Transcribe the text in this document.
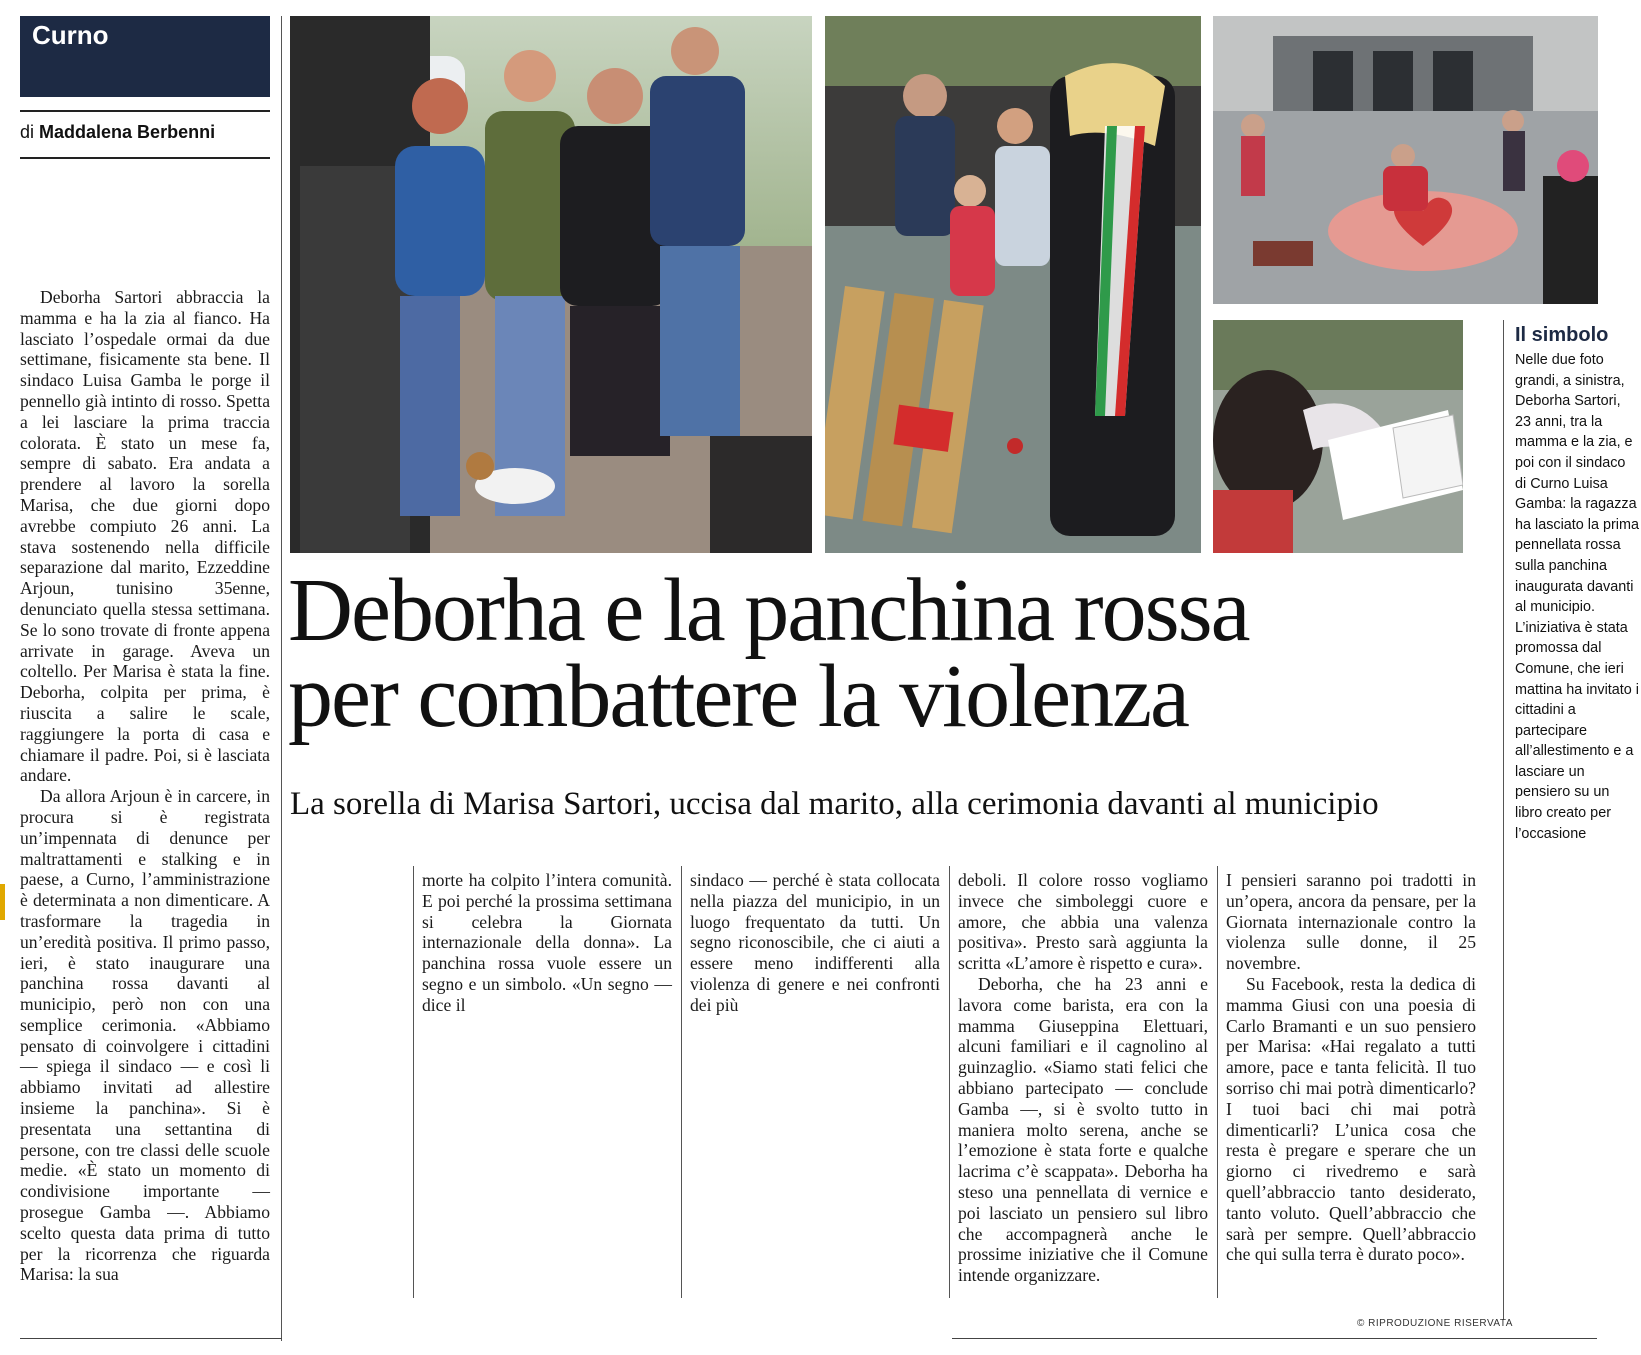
Curno
di Maddalena Berbenni

Deborha Sartori abbraccia la mamma e ha la zia al fianco. Ha lasciato l’ospedale ormai da due settimane, fisicamente sta bene. Il sindaco Luisa Gamba le porge il pennello già intinto di rosso. Spetta a lei lasciare la prima traccia colorata. È stato un mese fa, sempre di sabato. Era andata a prendere al lavoro la sorella Marisa, che due giorni dopo avrebbe compiuto 26 anni. La stava sostenendo nella difficile separazione dal marito, Ezzeddine Arjoun, tunisino 35enne, denunciato quella stessa settimana. Se lo sono trovate di fronte appena arrivate in garage. Aveva un coltello. Per Marisa è stata la fine. Deborha, colpita per prima, è riuscita a salire le scale, raggiungere la porta di casa e chiamare il padre. Poi, si è lasciata andare.

Da allora Arjoun è in carcere, in procura si è registrata un’impennata di denunce per maltrattamenti e stalking e in paese, a Curno, l’amministrazione è determinata a non dimenticare. A trasformare la tragedia in un’eredità positiva. Il primo passo, ieri, è stato inaugurare una panchina rossa davanti al municipio, però non con una semplice cerimonia. «Abbiamo pensato di coinvolgere i cittadini — spiega il sindaco — e così li abbiamo invitati ad allestire insieme la panchina». Si è presentata una settantina di persone, con tre classi delle scuole medie. «È stato un momento di condivisione importante — prosegue Gamba —. Abbiamo scelto questa data prima di tutto per la ricorrenza che riguarda Marisa: la sua

Deborha e la panchina rossa
per combattere la violenza
La sorella di Marisa Sartori, uccisa dal marito, alla cerimonia davanti al municipio
Il simbolo
Nelle due foto grandi, a sinistra, Deborha Sartori, 23 anni, tra la mamma e la zia, e poi con il sindaco di Curno Luisa Gamba: la ragazza ha lasciato la prima pennellata rossa sulla panchina inaugurata davanti al municipio. L’iniziativa è stata promossa dal Comune, che ieri mattina ha invitato i cittadini a partecipare all’allestimento e a lasciare un pensiero su un libro creato per l’occasione

morte ha colpito l’intera comunità. E poi perché la prossima settimana si celebra la Giornata internazionale della donna». La panchina rossa vuole essere un segno e un simbolo. «Un segno — dice il

sindaco — perché è stata collocata nella piazza del municipio, in un luogo frequentato da tutti. Un segno riconoscibile, che ci aiuti a essere meno indifferenti alla violenza di genere e nei confronti dei più

deboli. Il colore rosso vogliamo invece che simboleggi cuore e amore, che abbia una valenza positiva». Presto sarà aggiunta la scritta «L’amore è rispetto e cura».

Deborha, che ha 23 anni e lavora come barista, era con la mamma Giuseppina Elettuari, alcuni familiari e il cagnolino al guinzaglio. «Siamo stati felici che abbiano partecipato — conclude Gamba —, si è svolto tutto in maniera molto serena, anche se l’emozione è stata forte e qualche lacrima c’è scappata». Deborha ha steso una pennellata di vernice e poi lasciato un pensiero sul libro che accompagnerà anche le prossime iniziative che il Comune intende organizzare.

I pensieri saranno poi tradotti in un’opera, ancora da pensare, per la Giornata internazionale contro la violenza sulle donne, il 25 novembre.

Su Facebook, resta la dedica di mamma Giusi con una poesia di Carlo Bramanti e un suo pensiero per Marisa: «Hai regalato a tutti amore, pace e tanta felicità. Il tuo sorriso chi mai potrà dimenticarlo? I tuoi baci chi mai potrà dimenticarli? L’unica cosa che resta è pregare e sperare che un giorno ci rivedremo e sarà quell’abbraccio tanto desiderato, tanto voluto. Quell’abbraccio che sarà per sempre. Quell’abbraccio che qui sulla terra è durato poco».

© RIPRODUZIONE RISERVATA
